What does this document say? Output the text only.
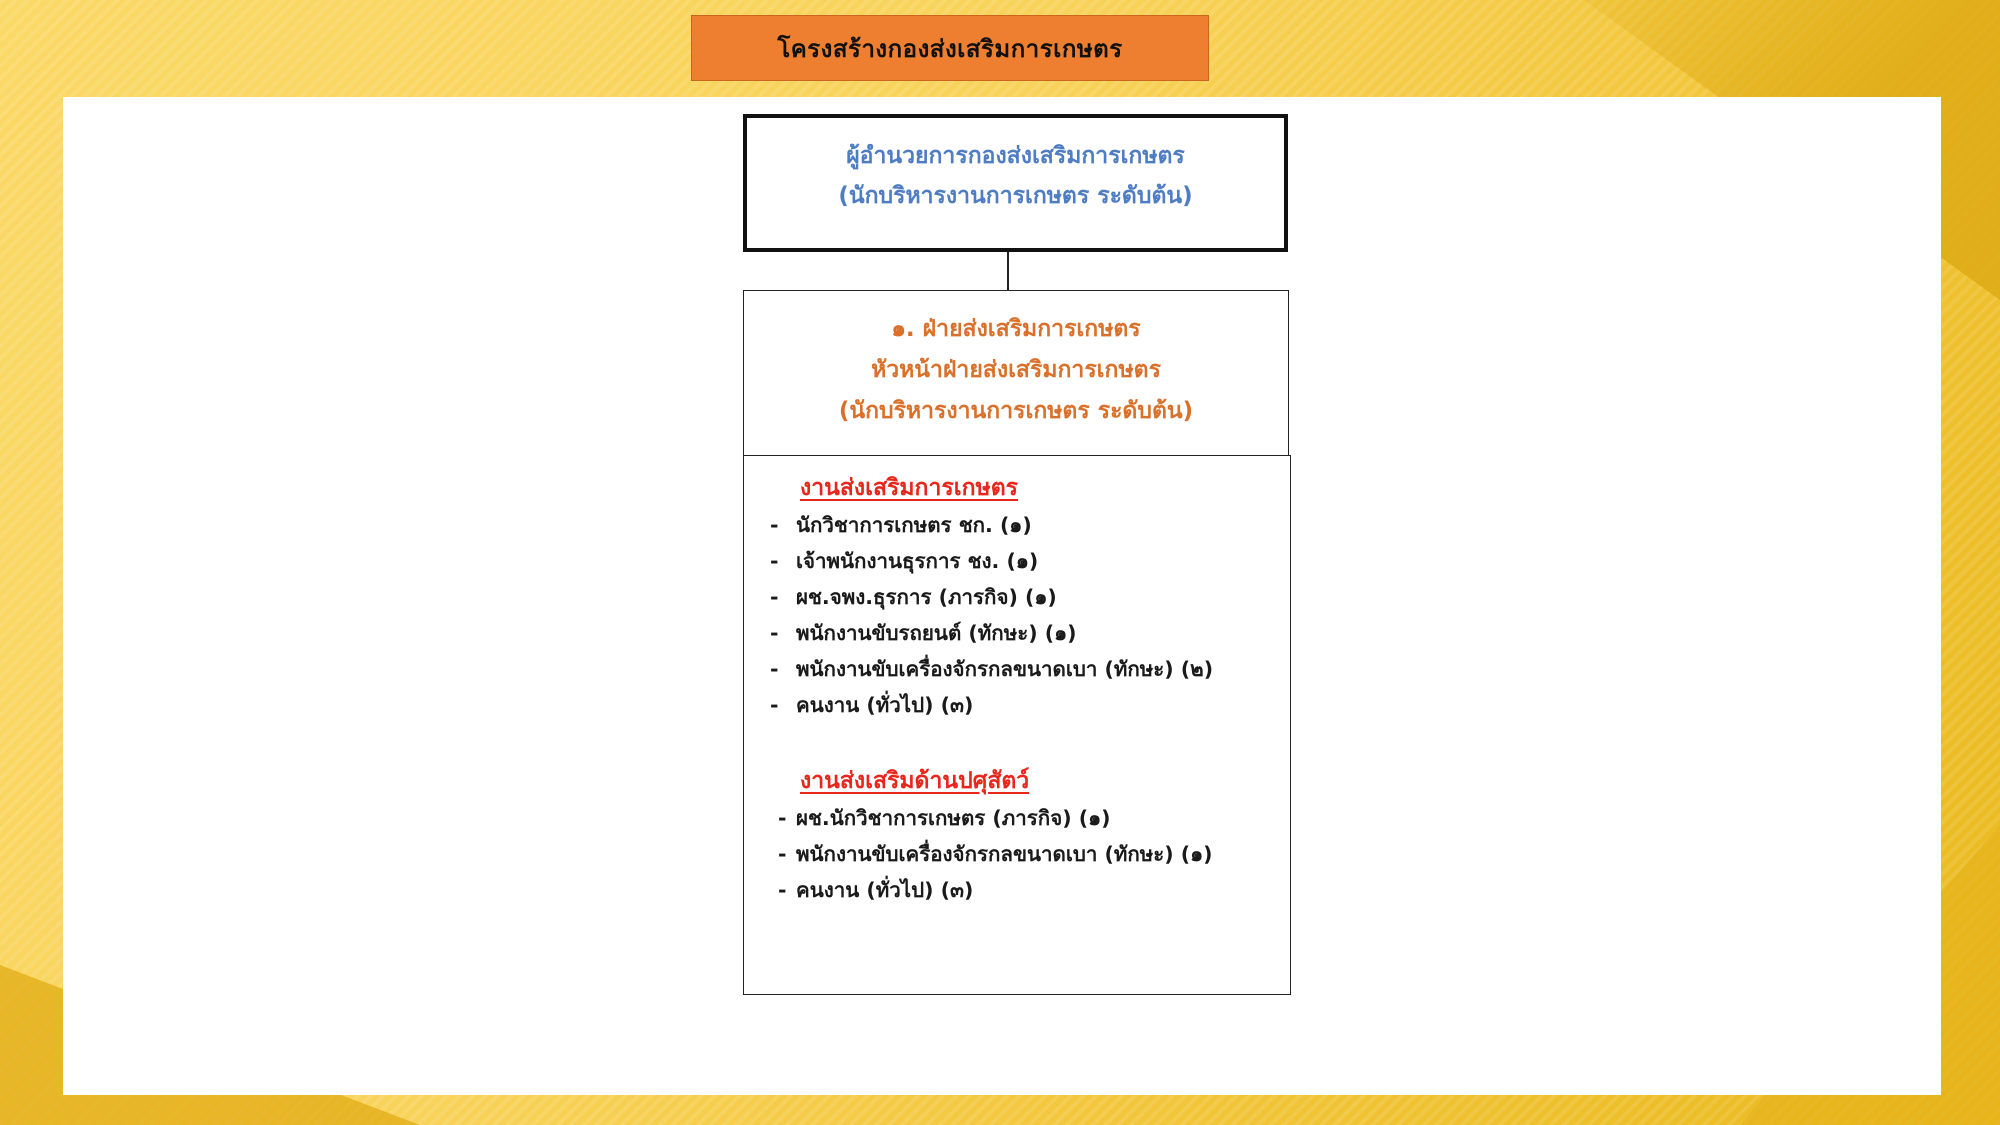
โครงสร้างกองส่งเสริมการเกษตร
ผู้อำนวยการกองส่งเสริมการเกษตร
(นักบริหารงานการเกษตร ระดับต้น)
๑. ฝ่ายส่งเสริมการเกษตร
หัวหน้าฝ่ายส่งเสริมการเกษตร
(นักบริหารงานการเกษตร ระดับต้น)
งานส่งเสริมการเกษตร
- นักวิชาการเกษตร ชก. (๑)
- เจ้าพนักงานธุรการ ชง. (๑)
- ผช.จพง.ธุรการ (ภารกิจ) (๑)
- พนักงานขับรถยนต์ (ทักษะ) (๑)
- พนักงานขับเครื่องจักรกลขนาดเบา (ทักษะ) (๒)
- คนงาน (ทั่วไป) (๓)
งานส่งเสริมด้านปศุสัตว์
- ผช.นักวิชาการเกษตร (ภารกิจ) (๑)
- พนักงานขับเครื่องจักรกลขนาดเบา (ทักษะ) (๑)
- คนงาน (ทั่วไป) (๓)
